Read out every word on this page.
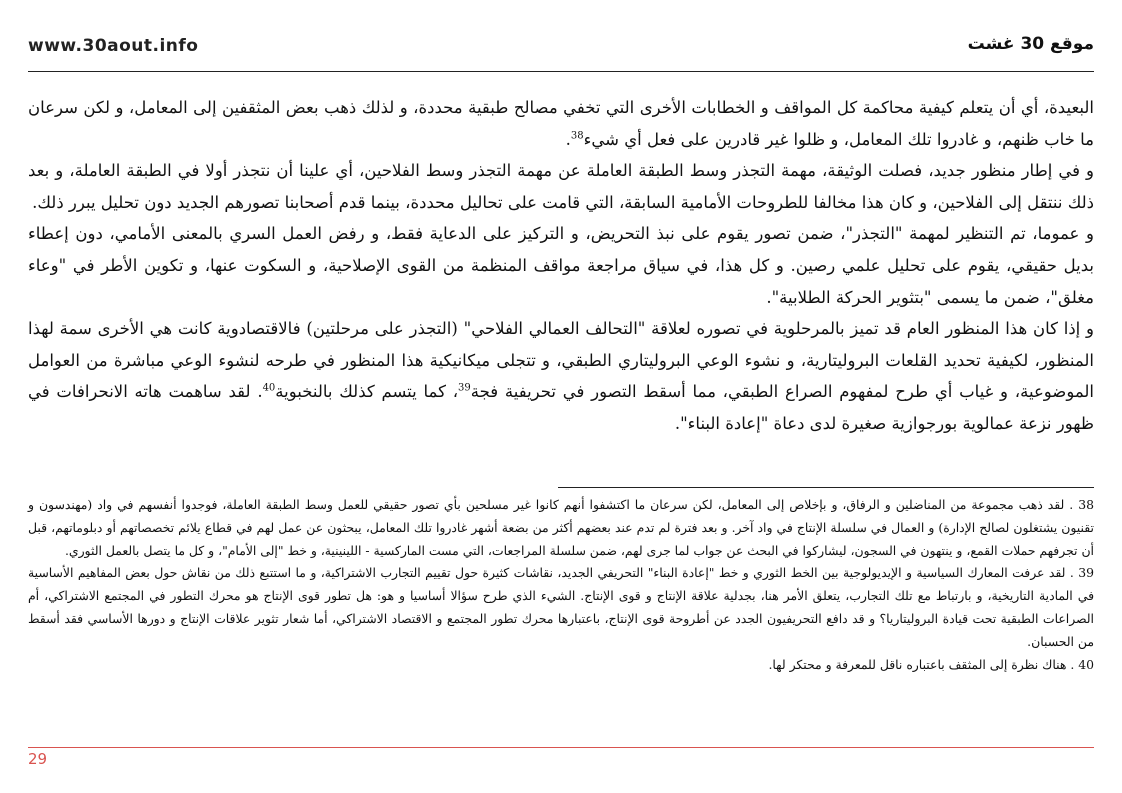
www.30aout.info	موقع 30 غشت

البعيدة، أي أن يتعلم كيفية محاكمة كل المواقف و الخطابات الأخرى التي تخفي مصالح طبقية محددة، و لذلك ذهب بعض المثقفين إلى المعامل، و لكن سرعان ما خاب ظنهم، و غادروا تلك المعامل، و ظلوا غير قادرين على فعل أي شيء$^{38}$.

و في إطار منظور جديد، فصلت الوثيقة، مهمة التجذر وسط الطبقة العاملة عن مهمة التجذر وسط الفلاحين، أي علينا أن نتجذر أولا في الطبقة العاملة، و بعد ذلك ننتقل إلى الفلاحين، و كان هذا مخالفا للطروحات الأمامية السابقة، التي قامت على تحاليل محددة، بينما قدم أصحابنا تصورهم الجديد دون تحليل يبرر ذلك.

و عموما، تم التنظير لمهمة "التجذر"، ضمن تصور يقوم على نبذ التحريض، و التركيز على الدعاية فقط، و رفض العمل السري بالمعنى الأمامي، دون إعطاء بديل حقيقي، يقوم على تحليل علمي رصين. و كل هذا، في سياق مراجعة مواقف المنظمة من القوى الإصلاحية، و السكوت عنها، و تكوين الأطر في "وعاء مغلق"، ضمن ما يسمى "بتثوير الحركة الطلابية".

و إذا كان هذا المنظور العام قد تميز بالمرحلوية في تصوره لعلاقة "التحالف العمالي الفلاحي" (التجذر على مرحلتين) فالاقتصادوية كانت هي الأخرى سمة لهذا المنظور، لكيفية تحديد القلعات البروليتارية، و نشوء الوعي البروليتاري الطبقي، و تتجلى ميكانيكية هذا المنظور في طرحه لنشوء الوعي مباشرة من العوامل الموضوعية، و غياب أي طرح لمفهوم الصراع الطبقي، مما أسقط التصور في تحريفية فجة$^{39}$، كما يتسم كذلك بالنخبوية$^{40}$. لقد ساهمت هاته الانحرافات في ظهور نزعة عمالوية بورجوازية صغيرة لدى دعاة "إعادة البناء".

38 . لقد ذهب مجموعة من المناضلين و الرفاق، و بإخلاص إلى المعامل، لكن سرعان ما اكتشفوا أنهم كانوا غير مسلحين بأي تصور حقيقي للعمل وسط الطبقة العاملة، فوجدوا أنفسهم في واد (مهندسون و تقنيون يشتغلون لصالح الإدارة) و العمال في سلسلة الإنتاج في واد آخر. و بعد فترة لم تدم عند بعضهم أكثر من بضعة أشهر غادروا تلك المعامل، يبحثون عن عمل لهم في قطاع يلائم تخصصاتهم أو دبلوماتهم، قبل أن تجرفهم حملات القمع، و ينتهون في السجون، ليشاركوا في البحث عن جواب لما جرى لهم، ضمن سلسلة المراجعات، التي مست الماركسية - اللينينية، و خط "إلى الأمام"، و كل ما يتصل بالعمل الثوري.

39 . لقد عرفت المعارك السياسية و الإيديولوجية بين الخط الثوري و خط "إعادة البناء" التحريفي الجديد، نقاشات كثيرة حول تقييم التجارب الاشتراكية، و ما استتبع ذلك من نقاش حول بعض المفاهيم الأساسية في المادية التاريخية، و بارتباط مع تلك التجارب، يتعلق الأمر هنا، بجدلية علاقة الإنتاج و قوى الإنتاج. الشيء الذي طرح سؤالا أساسيا و هو: هل تطور قوى الإنتاج هو محرك التطور في المجتمع الاشتراكي، أم الصراعات الطبقية تحت قيادة البروليتاريا؟ و قد دافع التحريفيون الجدد عن أطروحة قوى الإنتاج، باعتبارها محرك تطور المجتمع و الاقتصاد الاشتراكي، أما شعار تثوير علاقات الإنتاج و دورها الأساسي فقد أسقط من الحسبان.

40 . هناك نظرة إلى المثقف باعتباره ناقل للمعرفة و محتكر لها.

29
